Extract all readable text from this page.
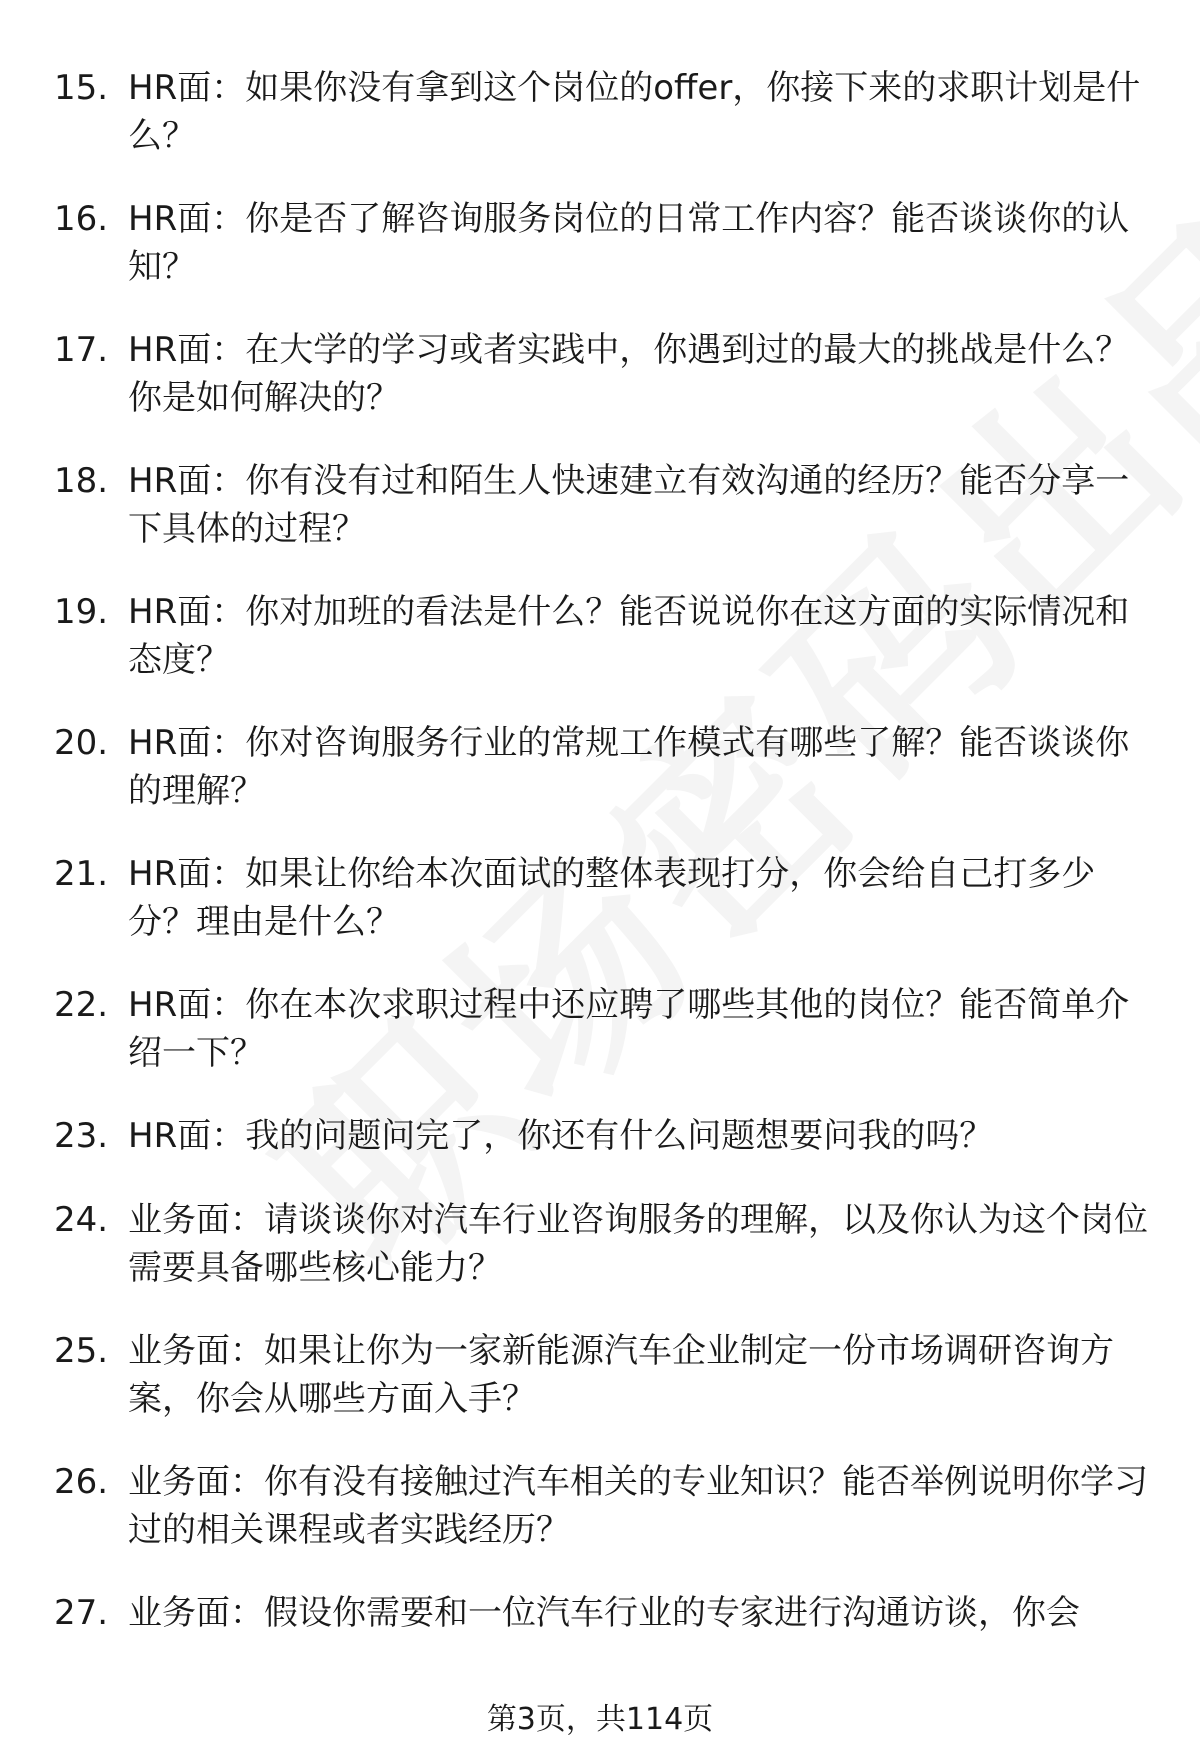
15. HR面：如果你没有拿到这个岗位的offer，你接下来的求职计划是什么？
16. HR面：你是否了解咨询服务岗位的日常工作内容？能否谈谈你的认知？
17. HR面：在大学的学习或者实践中，你遇到过的最大的挑战是什么？你是如何解决的？
18. HR面：你有没有过和陌生人快速建立有效沟通的经历？能否分享一下具体的过程？
19. HR面：你对加班的看法是什么？能否说说你在这方面的实际情况和态度？
20. HR面：你对咨询服务行业的常规工作模式有哪些了解？能否谈谈你的理解？
21. HR面：如果让你给本次面试的整体表现打分，你会给自己打多少分？理由是什么？
22. HR面：你在本次求职过程中还应聘了哪些其他的岗位？能否简单介绍一下？
23. HR面：我的问题问完了，你还有什么问题想要问我的吗？
24. 业务面：请谈谈你对汽车行业咨询服务的理解，以及你认为这个岗位需要具备哪些核心能力？
25. 业务面：如果让你为一家新能源汽车企业制定一份市场调研咨询方案，你会从哪些方面入手？
26. 业务面：你有没有接触过汽车相关的专业知识？能否举例说明你学习过的相关课程或者实践经历？
27. 业务面：假设你需要和一位汽车行业的专家进行沟通访谈，你会
第3页，共114页
